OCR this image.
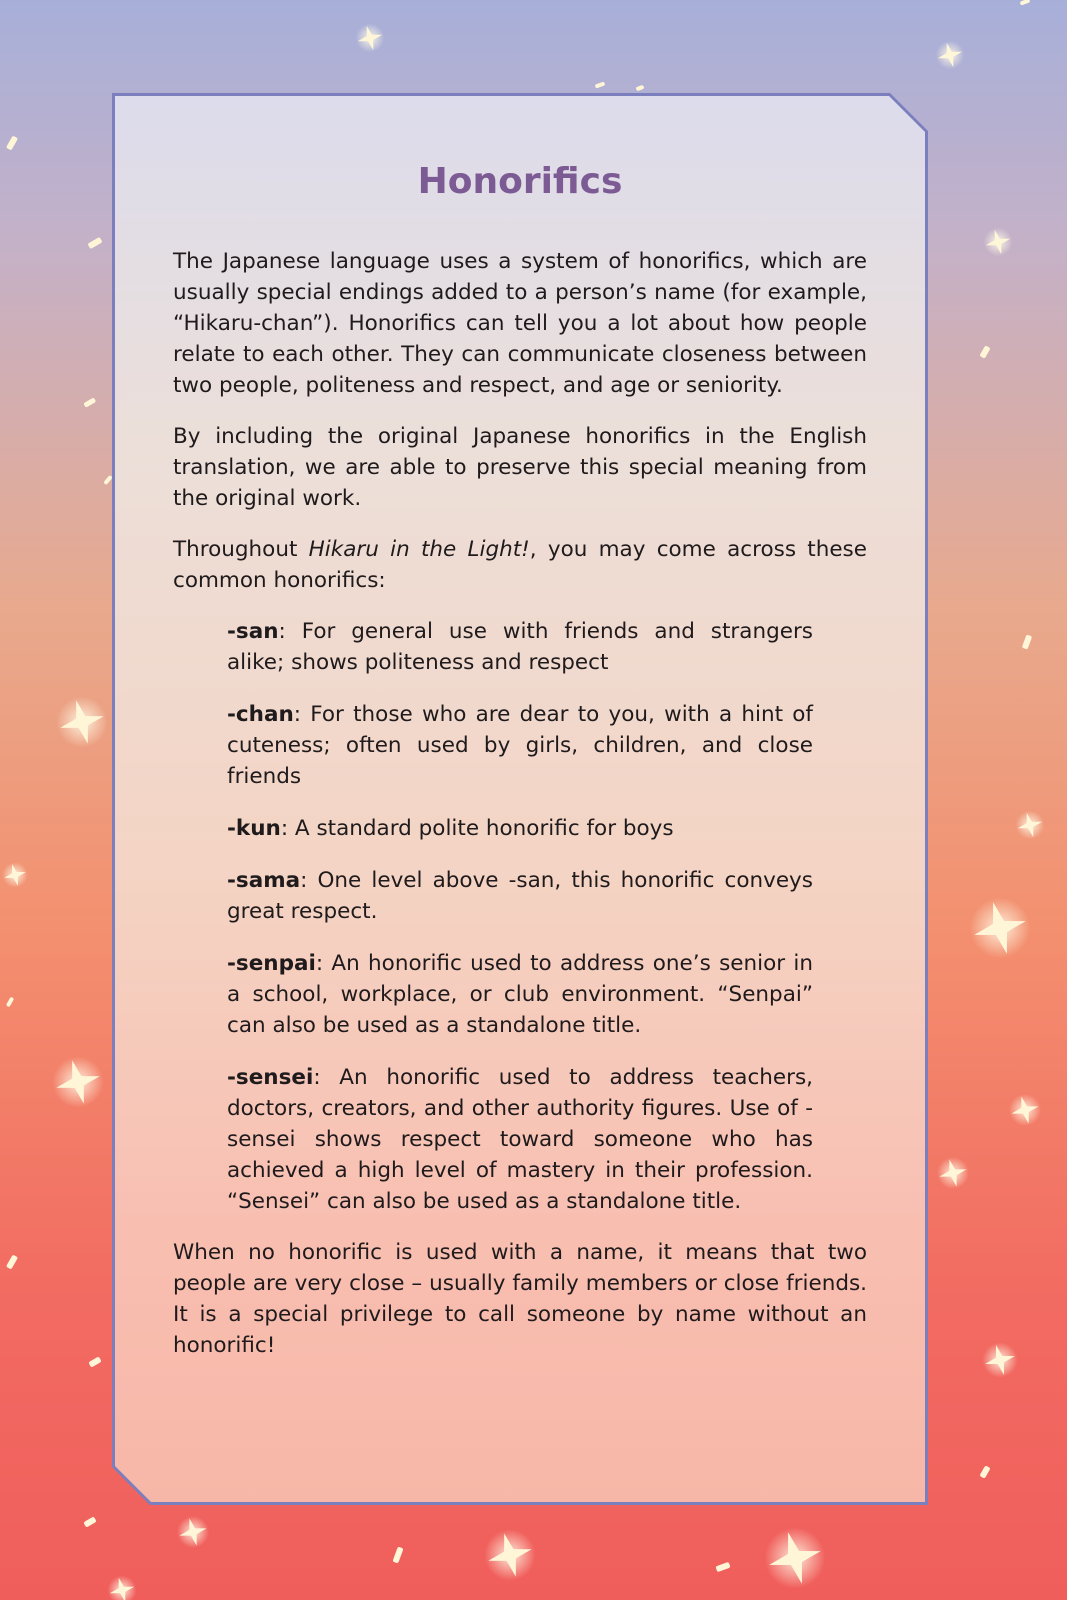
Honorifics

The Japanese language uses a system of honorifics, which are usually special endings added to a person’s name (for example, “Hikaru-chan”). Honorifics can tell you a lot about how people relate to each other. They can communicate closeness between two people, politeness and respect, and age or seniority.

By including the original Japanese honorifics in the English translation, we are able to preserve this special meaning from the original work.

Throughout Hikaru in the Light!, you may come across these common honorifics:

-san: For general use with friends and strangers alike; shows politeness and respect
-chan: For those who are dear to you, with a hint of cuteness; often used by girls, children, and close friends
-kun: A standard polite honorific for boys
-sama: One level above -san, this honorific conveys great respect.
-senpai: An honorific used to address one’s senior in a school, workplace, or club environment. “Senpai” can also be used as a standalone title.
-sensei: An honorific used to address teachers, doctors, creators, and other authority figures. Use of -sensei shows respect toward someone who has achieved a high level of mastery in their profession. “Sensei” can also be used as a standalone title.

When no honorific is used with a name, it means that two people are very close – usually family members or close friends. It is a special privilege to call someone by name without an honorific!
